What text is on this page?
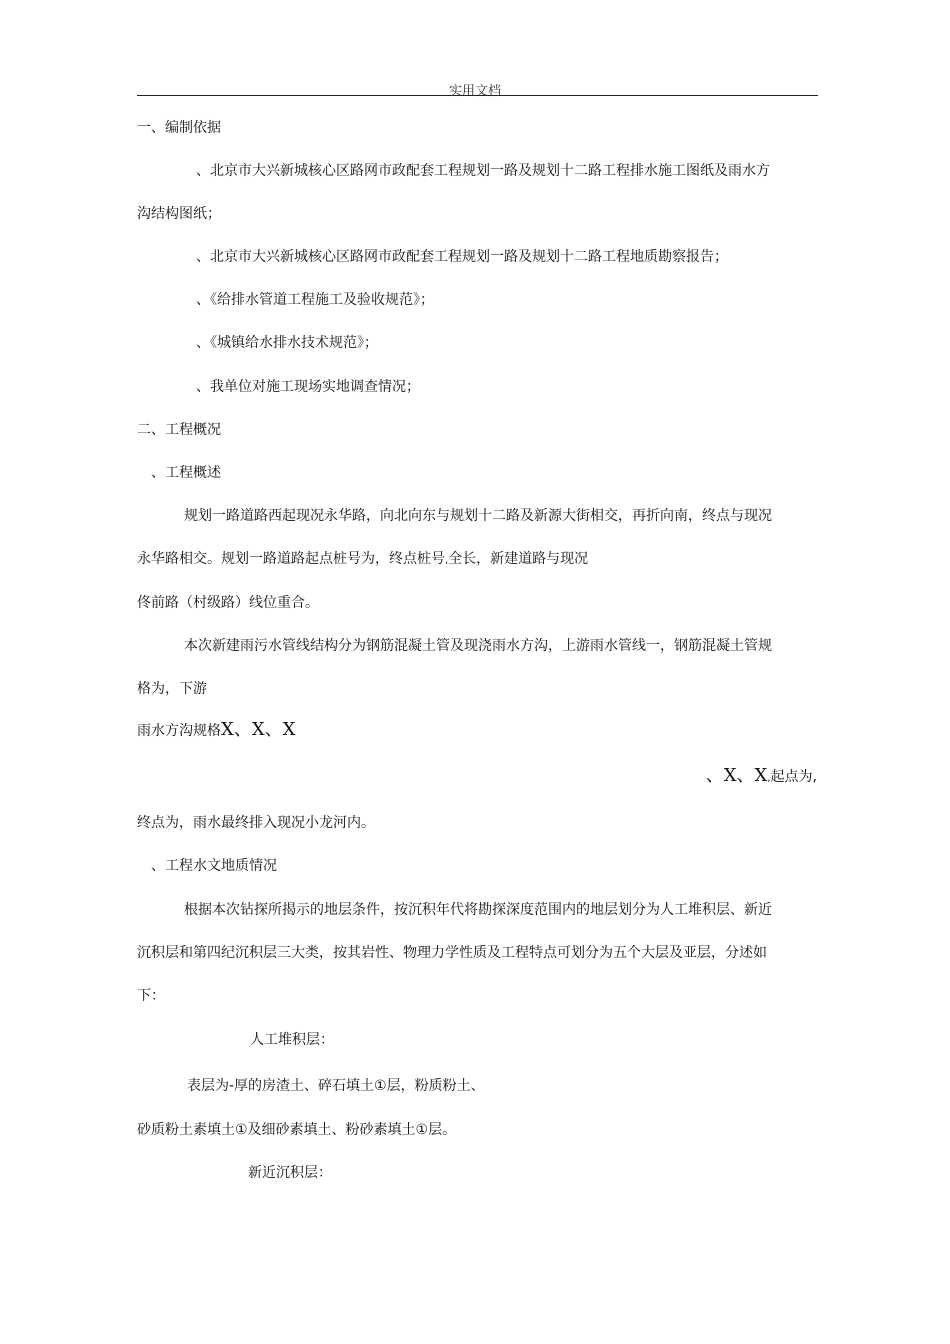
实用文档
一、编制依据
、北京市大兴新城核心区路网市政配套工程规划一路及规划十二路工程排水施工图纸及雨水方
沟结构图纸；
、北京市大兴新城核心区路网市政配套工程规划一路及规划十二路工程地质勘察报告；
、《给排水管道工程施工及验收规范》；
、《城镇给水排水技术规范》；
、我单位对施工现场实地调查情况；
二、工程概况
、工程概述
规划一路道路西起现况永华路，向北向东与规划十二路及新源大街相交，再折向南，终点与现况
永华路相交。规划一路道路起点桩号为，终点桩号,全长，新建道路与现况
佟前路（村级路）线位重合。
本次新建雨污水管线结构分为钢筋混凝土管及现浇雨水方沟，上游雨水管线一，钢筋混凝土管规
格为，下游
雨水方沟规格X、X、X
、X、X,起点为,
终点为，雨水最终排入现况小龙河内。
、工程水文地质情况
根据本次钻探所揭示的地层条件，按沉积年代将勘探深度范围内的地层划分为人工堆积层、新近
沉积层和第四纪沉积层三大类，按其岩性、物理力学性质及工程特点可划分为五个大层及亚层，分述如
下：
人工堆积层：
表层为-厚的房渣土、碎石填土①层，粉质粉土、
砂质粉土素填土①及细砂素填土、粉砂素填土①层。
新近沉积层：
